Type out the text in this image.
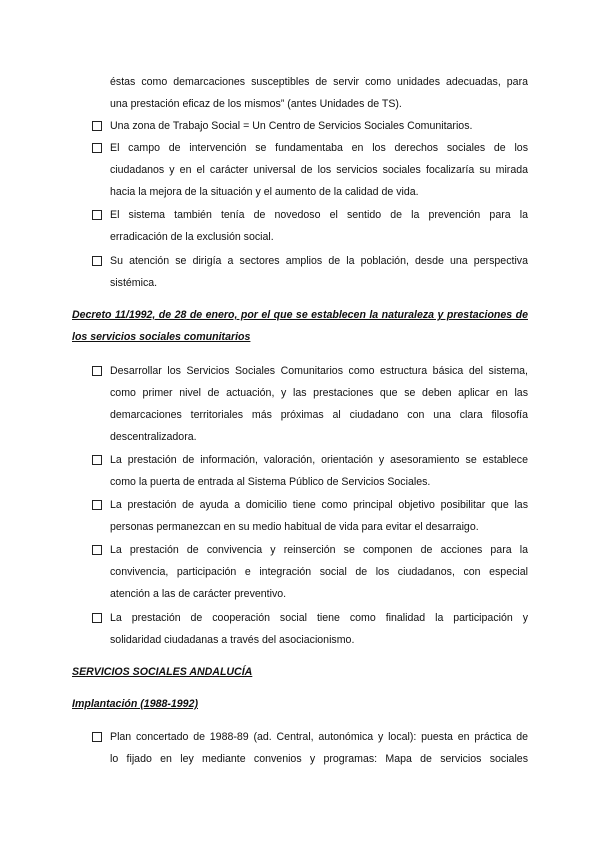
éstas como demarcaciones susceptibles de servir como unidades adecuadas, para
una prestación eficaz de los mismos” (antes Unidades de TS).
Una zona de Trabajo Social = Un Centro de Servicios Sociales Comunitarios.
El campo de intervención se fundamentaba en los derechos sociales de los
ciudadanos y en el carácter universal de los servicios sociales focalizaría su mirada
hacia la mejora de la situación y el aumento de la calidad de vida.
El sistema también tenía de novedoso el sentido de la prevención para la
erradicación de la exclusión social.
Su atención se dirigía a sectores amplios de la población, desde una perspectiva
sistémica.
Decreto 11/1992, de 28 de enero, por el que se establecen la naturaleza y prestaciones de
los servicios sociales comunitarios
Desarrollar los Servicios Sociales Comunitarios como estructura básica del sistema,
como primer nivel de actuación, y las prestaciones que se deben aplicar en las
demarcaciones territoriales más próximas al ciudadano con una clara filosofía
descentralizadora.
La prestación de información, valoración, orientación y asesoramiento se establece
como la puerta de entrada al Sistema Público de Servicios Sociales.
La prestación de ayuda a domicilio tiene como principal objetivo posibilitar que las
personas permanezcan en su medio habitual de vida para evitar el desarraigo.
La prestación de convivencia y reinserción se componen de acciones para la
convivencia, participación e integración social de los ciudadanos, con especial
atención a las de carácter preventivo.
La prestación de cooperación social tiene como finalidad la participación y
solidaridad ciudadanas a través del asociacionismo.
SERVICIOS SOCIALES ANDALUCÍA
Implantación (1988-1992)
Plan concertado de 1988-89 (ad. Central, autonómica y local): puesta en práctica de
lo fijado en ley mediante convenios y programas: Mapa de servicios sociales
